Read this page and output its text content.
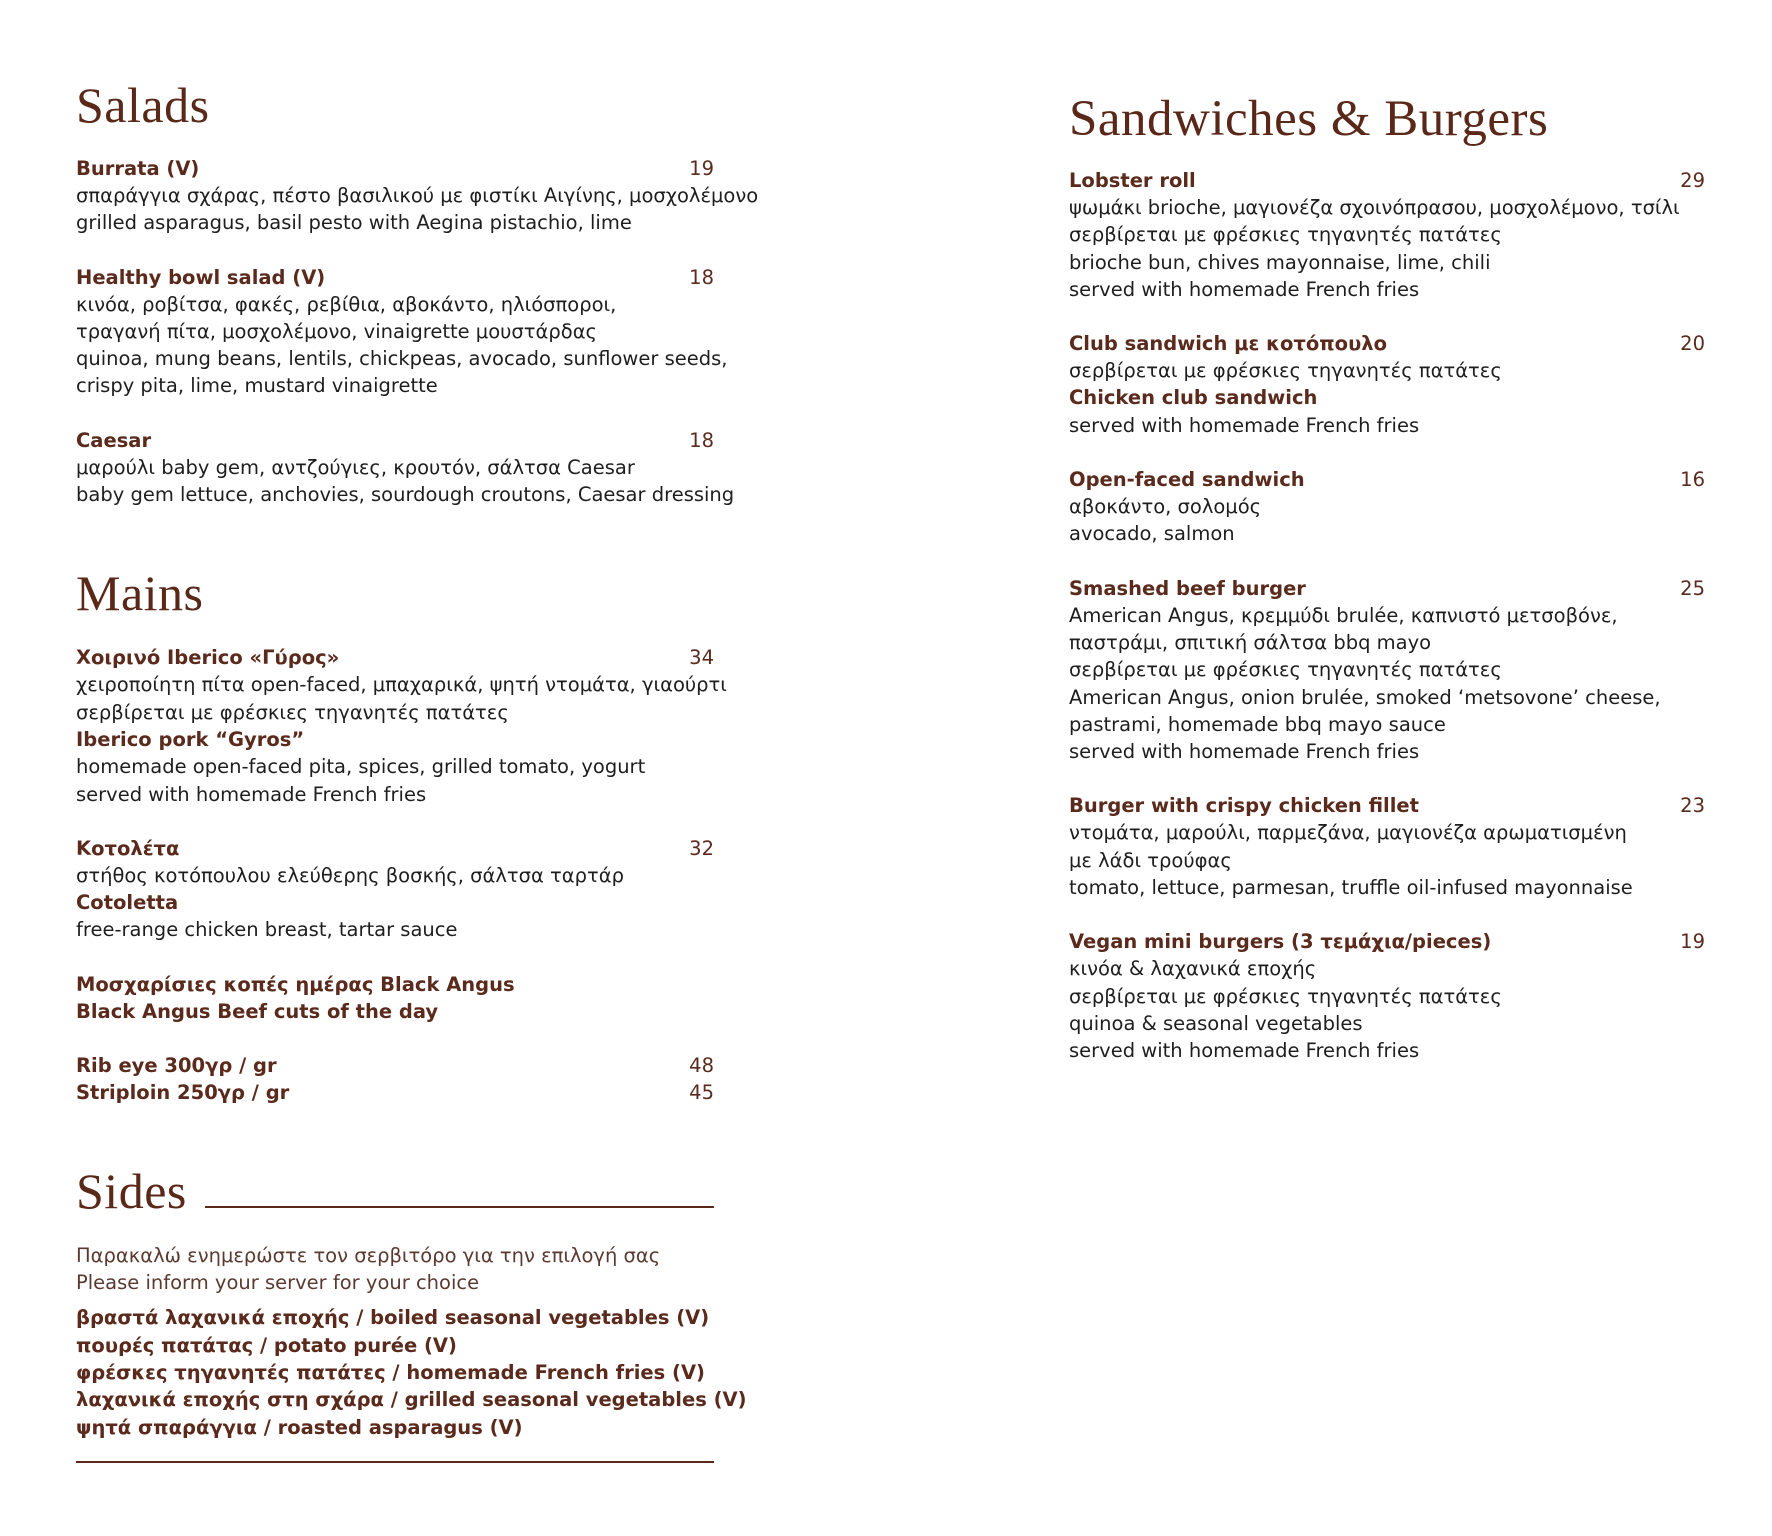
Salads
Burrata (V)	19
σπαράγγια σχάρας, πέστο βασιλικού με φιστίκι Αιγίνης, μοσχολέμονο
grilled asparagus, basil pesto with Aegina pistachio, lime
Healthy bowl salad (V)	18
κινόα, ροβίτσα, φακές, ρεβίθια, αβοκάντο, ηλιόσποροι,
τραγανή πίτα, μοσχολέμονο, vinaigrette μουστάρδας
quinoa, mung beans, lentils, chickpeas, avocado, sunflower seeds,
crispy pita, lime, mustard vinaigrette
Caesar	18
μαρούλι baby gem, αντζούγιες, κρουτόν, σάλτσα Caesar
baby gem lettuce, anchovies, sourdough croutons, Caesar dressing
Mains
Χοιρινό Iberico «Γύρος»	34
χειροποίητη πίτα open-faced, μπαχαρικά, ψητή ντομάτα, γιαούρτι
σερβίρεται με φρέσκιες τηγανητές πατάτες
Iberico pork “Gyros”
homemade open-faced pita, spices, grilled tomato, yogurt
served with homemade French fries
Κοτολέτα	32
στήθος κοτόπουλου ελεύθερης βοσκής, σάλτσα ταρτάρ
Cotoletta
free-range chicken breast, tartar sauce
Μοσχαρίσιες κοπές ημέρας Black Angus
Black Angus Beef cuts of the day
Rib eye 300γρ / gr	48
Striploin 250γρ / gr	45
Sides
Παρακαλώ ενημερώστε τον σερβιτόρο για την επιλογή σας
Please inform your server for your choice
βραστά λαχανικά εποχής / boiled seasonal vegetables (V)
πουρές πατάτας / potato purée (V)
φρέσκες τηγανητές πατάτες / homemade French fries (V)
λαχανικά εποχής στη σχάρα / grilled seasonal vegetables (V)
ψητά σπαράγγια / roasted asparagus (V)
Sandwiches & Burgers
Lobster roll	29
ψωμάκι brioche, μαγιονέζα σχοινόπρασου, μοσχολέμονο, τσίλι
σερβίρεται με φρέσκιες τηγανητές πατάτες
brioche bun, chives mayonnaise, lime, chili
served with homemade French fries
Club sandwich με κοτόπουλο	20
σερβίρεται με φρέσκιες τηγανητές πατάτες
Chicken club sandwich
served with homemade French fries
Open-faced sandwich	16
αβοκάντο, σολομός
avocado, salmon
Smashed beef burger	25
American Angus, κρεμμύδι brulée, καπνιστό μετσοβόνε,
παστράμι, σπιτική σάλτσα bbq mayo
σερβίρεται με φρέσκιες τηγανητές πατάτες
American Angus, onion brulée, smoked ‘metsovone’ cheese,
pastrami, homemade bbq mayo sauce
served with homemade French fries
Burger with crispy chicken fillet	23
ντομάτα, μαρούλι, παρμεζάνα, μαγιονέζα αρωματισμένη
με λάδι τρούφας
tomato, lettuce, parmesan, truffle oil-infused mayonnaise
Vegan mini burgers (3 τεμάχια/pieces)	19
κινόα & λαχανικά εποχής
σερβίρεται με φρέσκιες τηγανητές πατάτες
quinoa & seasonal vegetables
served with homemade French fries
